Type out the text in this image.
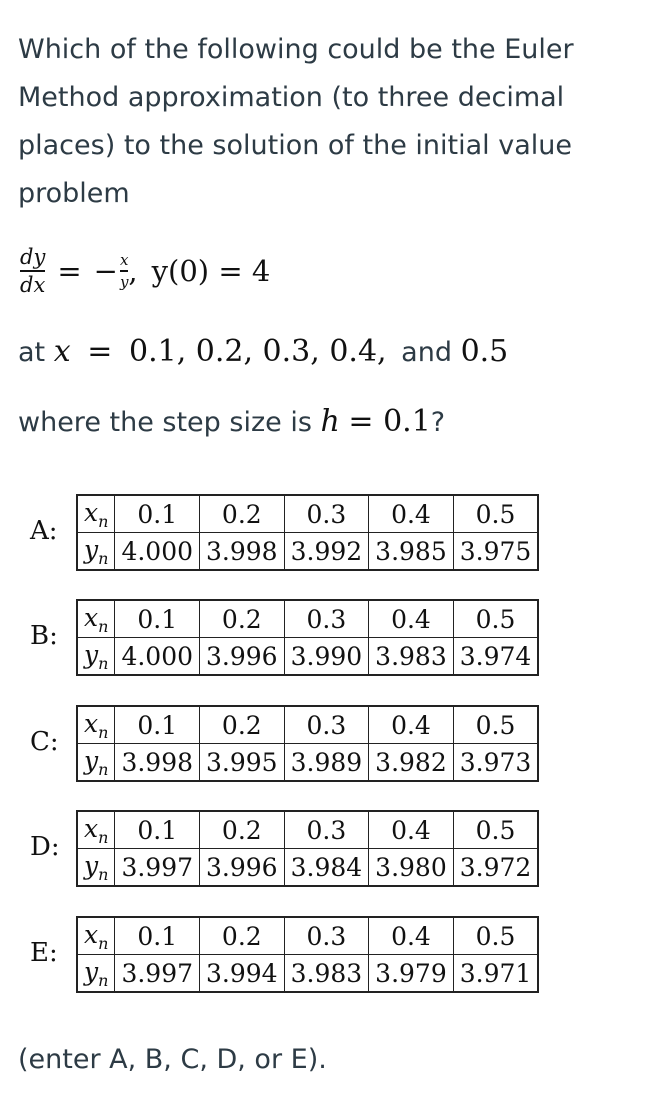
Which of the following could be the Euler Method approximation (to three decimal places) to the solution of the initial value problem
$\frac{dy}{dx}$ = − $\frac{x}{y}$ , y(0) = 4
at x = 0.1, 0.2, 0.3, 0.4, and 0.5
where the step size is h = 0.1?
A:
$x_n$	0.1	0.2	0.3	0.4	0.5
$y_n$	4.000	3.998	3.992	3.985	3.975
B:
$x_n$	0.1	0.2	0.3	0.4	0.5
$y_n$	4.000	3.996	3.990	3.983	3.974
C:
$x_n$	0.1	0.2	0.3	0.4	0.5
$y_n$	3.998	3.995	3.989	3.982	3.973
D:
$x_n$	0.1	0.2	0.3	0.4	0.5
$y_n$	3.997	3.996	3.984	3.980	3.972
E:
$x_n$	0.1	0.2	0.3	0.4	0.5
$y_n$	3.997	3.994	3.983	3.979	3.971
(enter A, B, C, D, or E).
